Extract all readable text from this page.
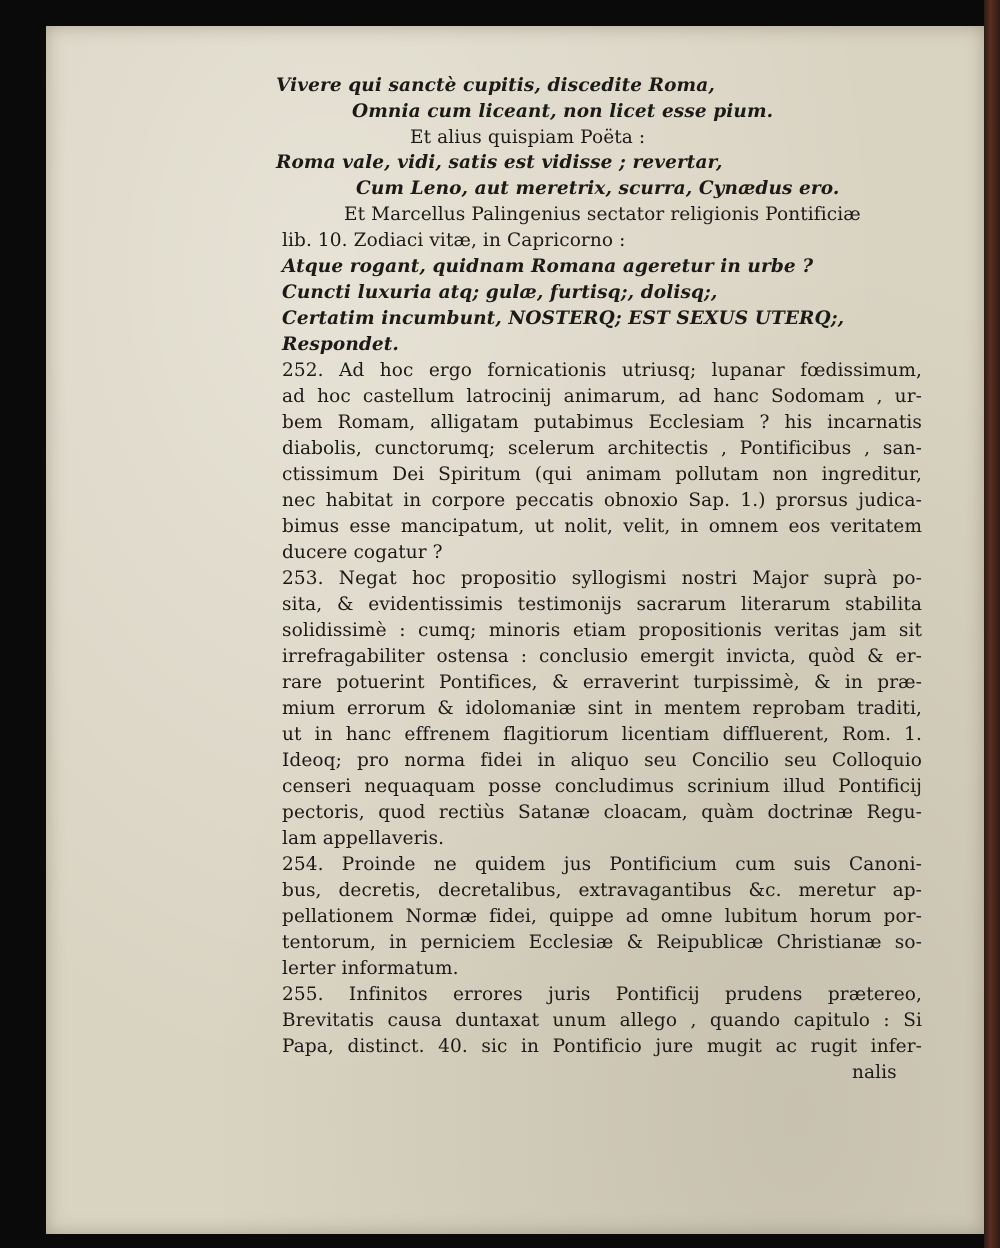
Vivere qui sanctè cupitis, discedite Roma,
Omnia cum liceant, non licet esse pium.
Et alius quispiam Poëta :
Roma vale, vidi, satis est vidisse ; revertar,
Cum Leno, aut meretrix, scurra, Cynædus ero.
Et Marcellus Palingenius sectator religionis Pontificiæ
lib. 10. Zodiaci vitæ, in Capricorno :
Atque rogant, quidnam Romana ageretur in urbe ?
Cuncti luxuria atq; gulæ, furtisq;, dolisq;,
Certatim incumbunt, NOSTERQ; EST SEXUS UTERQ;,
Respondet.
252. Ad hoc ergo fornicationis utriusq; lupanar fœdissimum,
ad hoc castellum latrocinij animarum, ad hanc Sodomam , ur-
bem Romam, alligatam putabimus Ecclesiam ? his incarnatis
diabolis, cunctorumq; scelerum architectis , Pontificibus , san-
ctissimum Dei Spiritum (qui animam pollutam non ingreditur,
nec habitat in corpore peccatis obnoxio Sap. 1.) prorsus judica-
bimus esse mancipatum, ut nolit, velit, in omnem eos veritatem
ducere cogatur ?
253. Negat hoc propositio syllogismi nostri Major suprà po-
sita, & evidentissimis testimonijs sacrarum literarum stabilita
solidissimè : cumq; minoris etiam propositionis veritas jam sit
irrefragabiliter ostensa : conclusio emergit invicta, quòd & er-
rare potuerint Pontifices, & erraverint turpissimè, & in præ-
mium errorum & idolomaniæ sint in mentem reprobam traditi,
ut in hanc effrenem flagitiorum licentiam diffluerent, Rom. 1.
Ideoq; pro norma fidei in aliquo seu Concilio seu Colloquio
censeri nequaquam posse concludimus scrinium illud Pontificij
pectoris, quod rectiùs Satanæ cloacam, quàm doctrinæ Regu-
lam appellaveris.
254. Proinde ne quidem jus Pontificium cum suis Canoni-
bus, decretis, decretalibus, extravagantibus &c. meretur ap-
pellationem Normæ fidei, quippe ad omne lubitum horum por-
tentorum, in perniciem Ecclesiæ & Reipublicæ Christianæ so-
lerter informatum.
255. Infinitos errores juris Pontificij prudens prætereo,
Brevitatis causa duntaxat unum allego , quando capitulo : Si
Papa, distinct. 40. sic in Pontificio jure mugit ac rugit infer-
nalis
